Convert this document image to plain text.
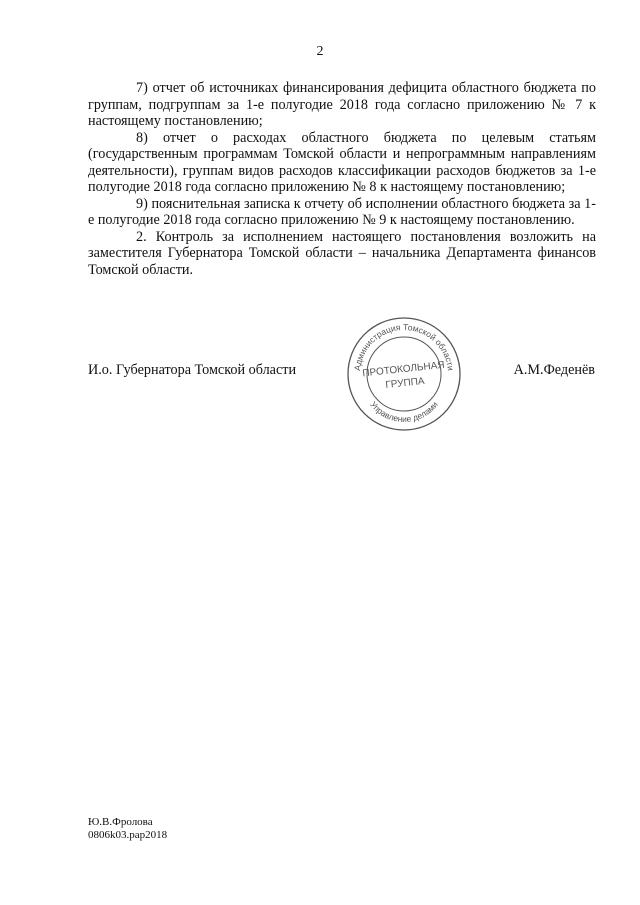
2

7) отчет об источниках финансирования дефицита областного бюджета по группам, подгруппам за 1-е полугодие 2018 года согласно приложению № 7 к настоящему постановлению;

8) отчет о расходах областного бюджета по целевым статьям (государственным программам Томской области и непрограммным направлениям деятельности), группам видов расходов классификации расходов бюджетов за 1-е полугодие 2018 года согласно приложению № 8 к настоящему постановлению;

9) пояснительная записка к отчету об исполнении областного бюджета за 1-е полугодие 2018 года согласно приложению № 9 к настоящему постановлению.

2. Контроль за исполнением настоящего постановления возложить на заместителя Губернатора Томской области – начальника Департамента финансов Томской области.

И.о. Губернатора Томской области	А.М.Феденёв
Администрация Томской области
Управление делами
ПРОТОКОЛЬНАЯ
ГРУППА
Ю.В.Фролова
0806k03.pap2018
